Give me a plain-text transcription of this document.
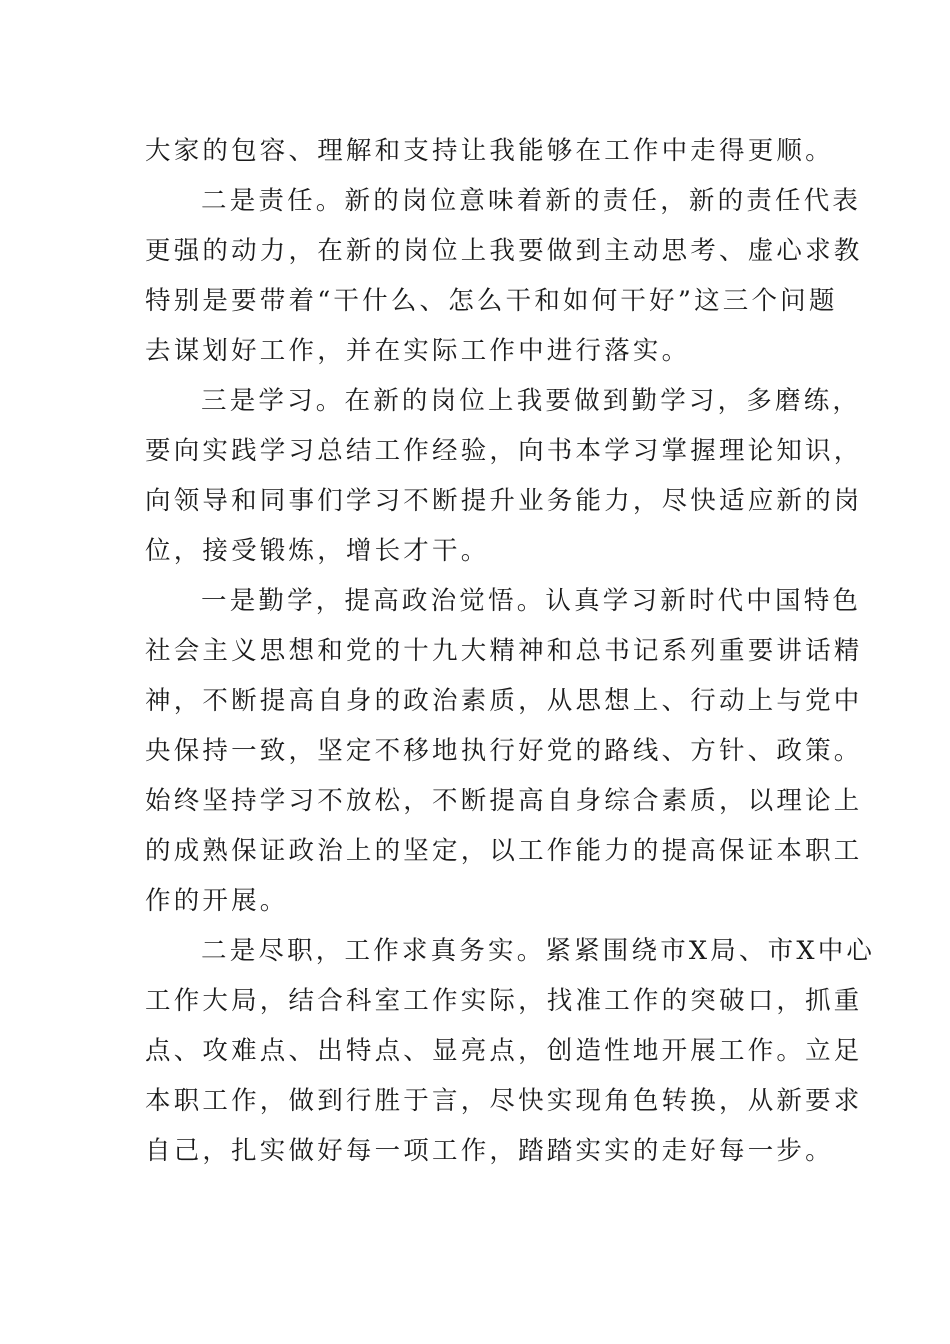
大家的包容、理解和支持让我能够在工作中走得更顺。
二是责任。新的岗位意味着新的责任，新的责任代表
更强的动力，在新的岗位上我要做到主动思考、虚心求教
特别是要带着“干什么、怎么干和如何干好”这三个问题
去谋划好工作，并在实际工作中进行落实。
三是学习。在新的岗位上我要做到勤学习，多磨练，
要向实践学习总结工作经验，向书本学习掌握理论知识，
向领导和同事们学习不断提升业务能力，尽快适应新的岗
位，接受锻炼，增长才干。
一是勤学，提高政治觉悟。认真学习新时代中国特色
社会主义思想和党的十九大精神和总书记系列重要讲话精
神，不断提高自身的政治素质，从思想上、行动上与党中
央保持一致，坚定不移地执行好党的路线、方针、政策。
始终坚持学习不放松，不断提高自身综合素质，以理论上
的成熟保证政治上的坚定，以工作能力的提高保证本职工
作的开展。
二是尽职，工作求真务实。紧紧围绕市X局、市X中心
工作大局，结合科室工作实际，找准工作的突破口，抓重
点、攻难点、出特点、显亮点，创造性地开展工作。立足
本职工作，做到行胜于言，尽快实现角色转换，从新要求
自己，扎实做好每一项工作，踏踏实实的走好每一步。
